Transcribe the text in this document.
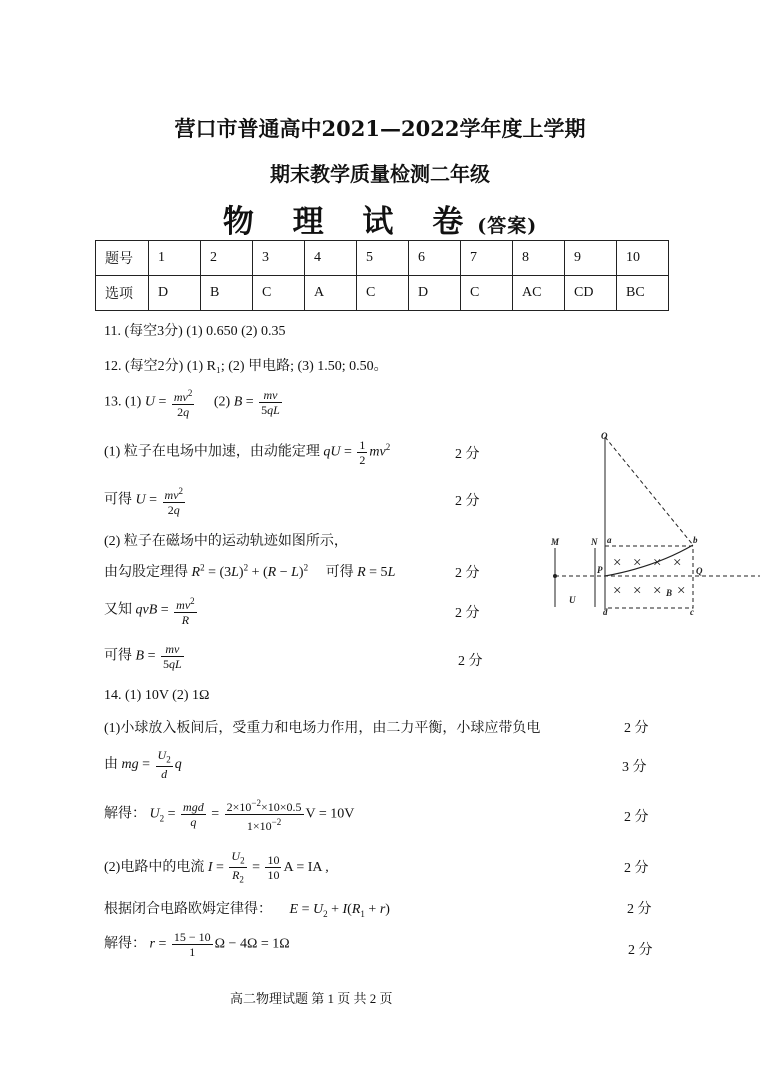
营口市普通高中2021—2022学年度上学期
期末教学质量检测二年级
物 理 试 卷(答案)
题号	1	2	3	4	5	6	7	8	9	10
选项	D	B	C	A	C	D	C	AC	CD	BC
11. (每空3分) (1) 0.650 (2) 0.35
12. (每空2分) (1) R₁; (2) 甲电路; (3) 1.50; 0.50。
13. (1) $U = \frac{mv^2}{2q} (2) B = \frac{mv}{5qL}$
(1) 粒子在电场中加速，由动能定理 qU = $\frac{1}{2} mv^2$	2 分
可得 $U = \frac{mv^2}{2q}$	2 分
(2) 粒子在磁场中的运动轨迹如图所示，
由勾股定理得 $R^2 = (3L)^2 + (R - L)^2$ 可得 R = 5L	2 分
又知 qvB = $\frac{mv^2}{R}$	2 分
可得 $B = \frac{mv}{5qL}$	2 分
× × × ×
× × × ×
O
M	N a	b
P	Q
U
B
d	c
14. (1) 10V (2) 1Ω
(1)小球放入板间后，受重力和电场力作用，由二力平衡，小球应带负电	2 分
由 mg = $\frac{U_2}{d}$ q	3 分
解得： $U_2 = \frac{\text{mgd}}{q} = \frac{2\times 10^{-2}\times 10\times 0.5}{1\times 10^{-2}}$ V = 10V	2 分
(2)电路中的电流 $I = \frac{U_2}{R_2} = \frac{10}{10}$ A = IA ,	2 分
根据闭合电路欧姆定律得： $E = U_2 + I(R_1 + r)$	2 分
解得： $r = \frac{15 - 10}{1}$ Ω − 4Ω = 1Ω	2 分
高二物理试题 第 1 页 共 2 页
